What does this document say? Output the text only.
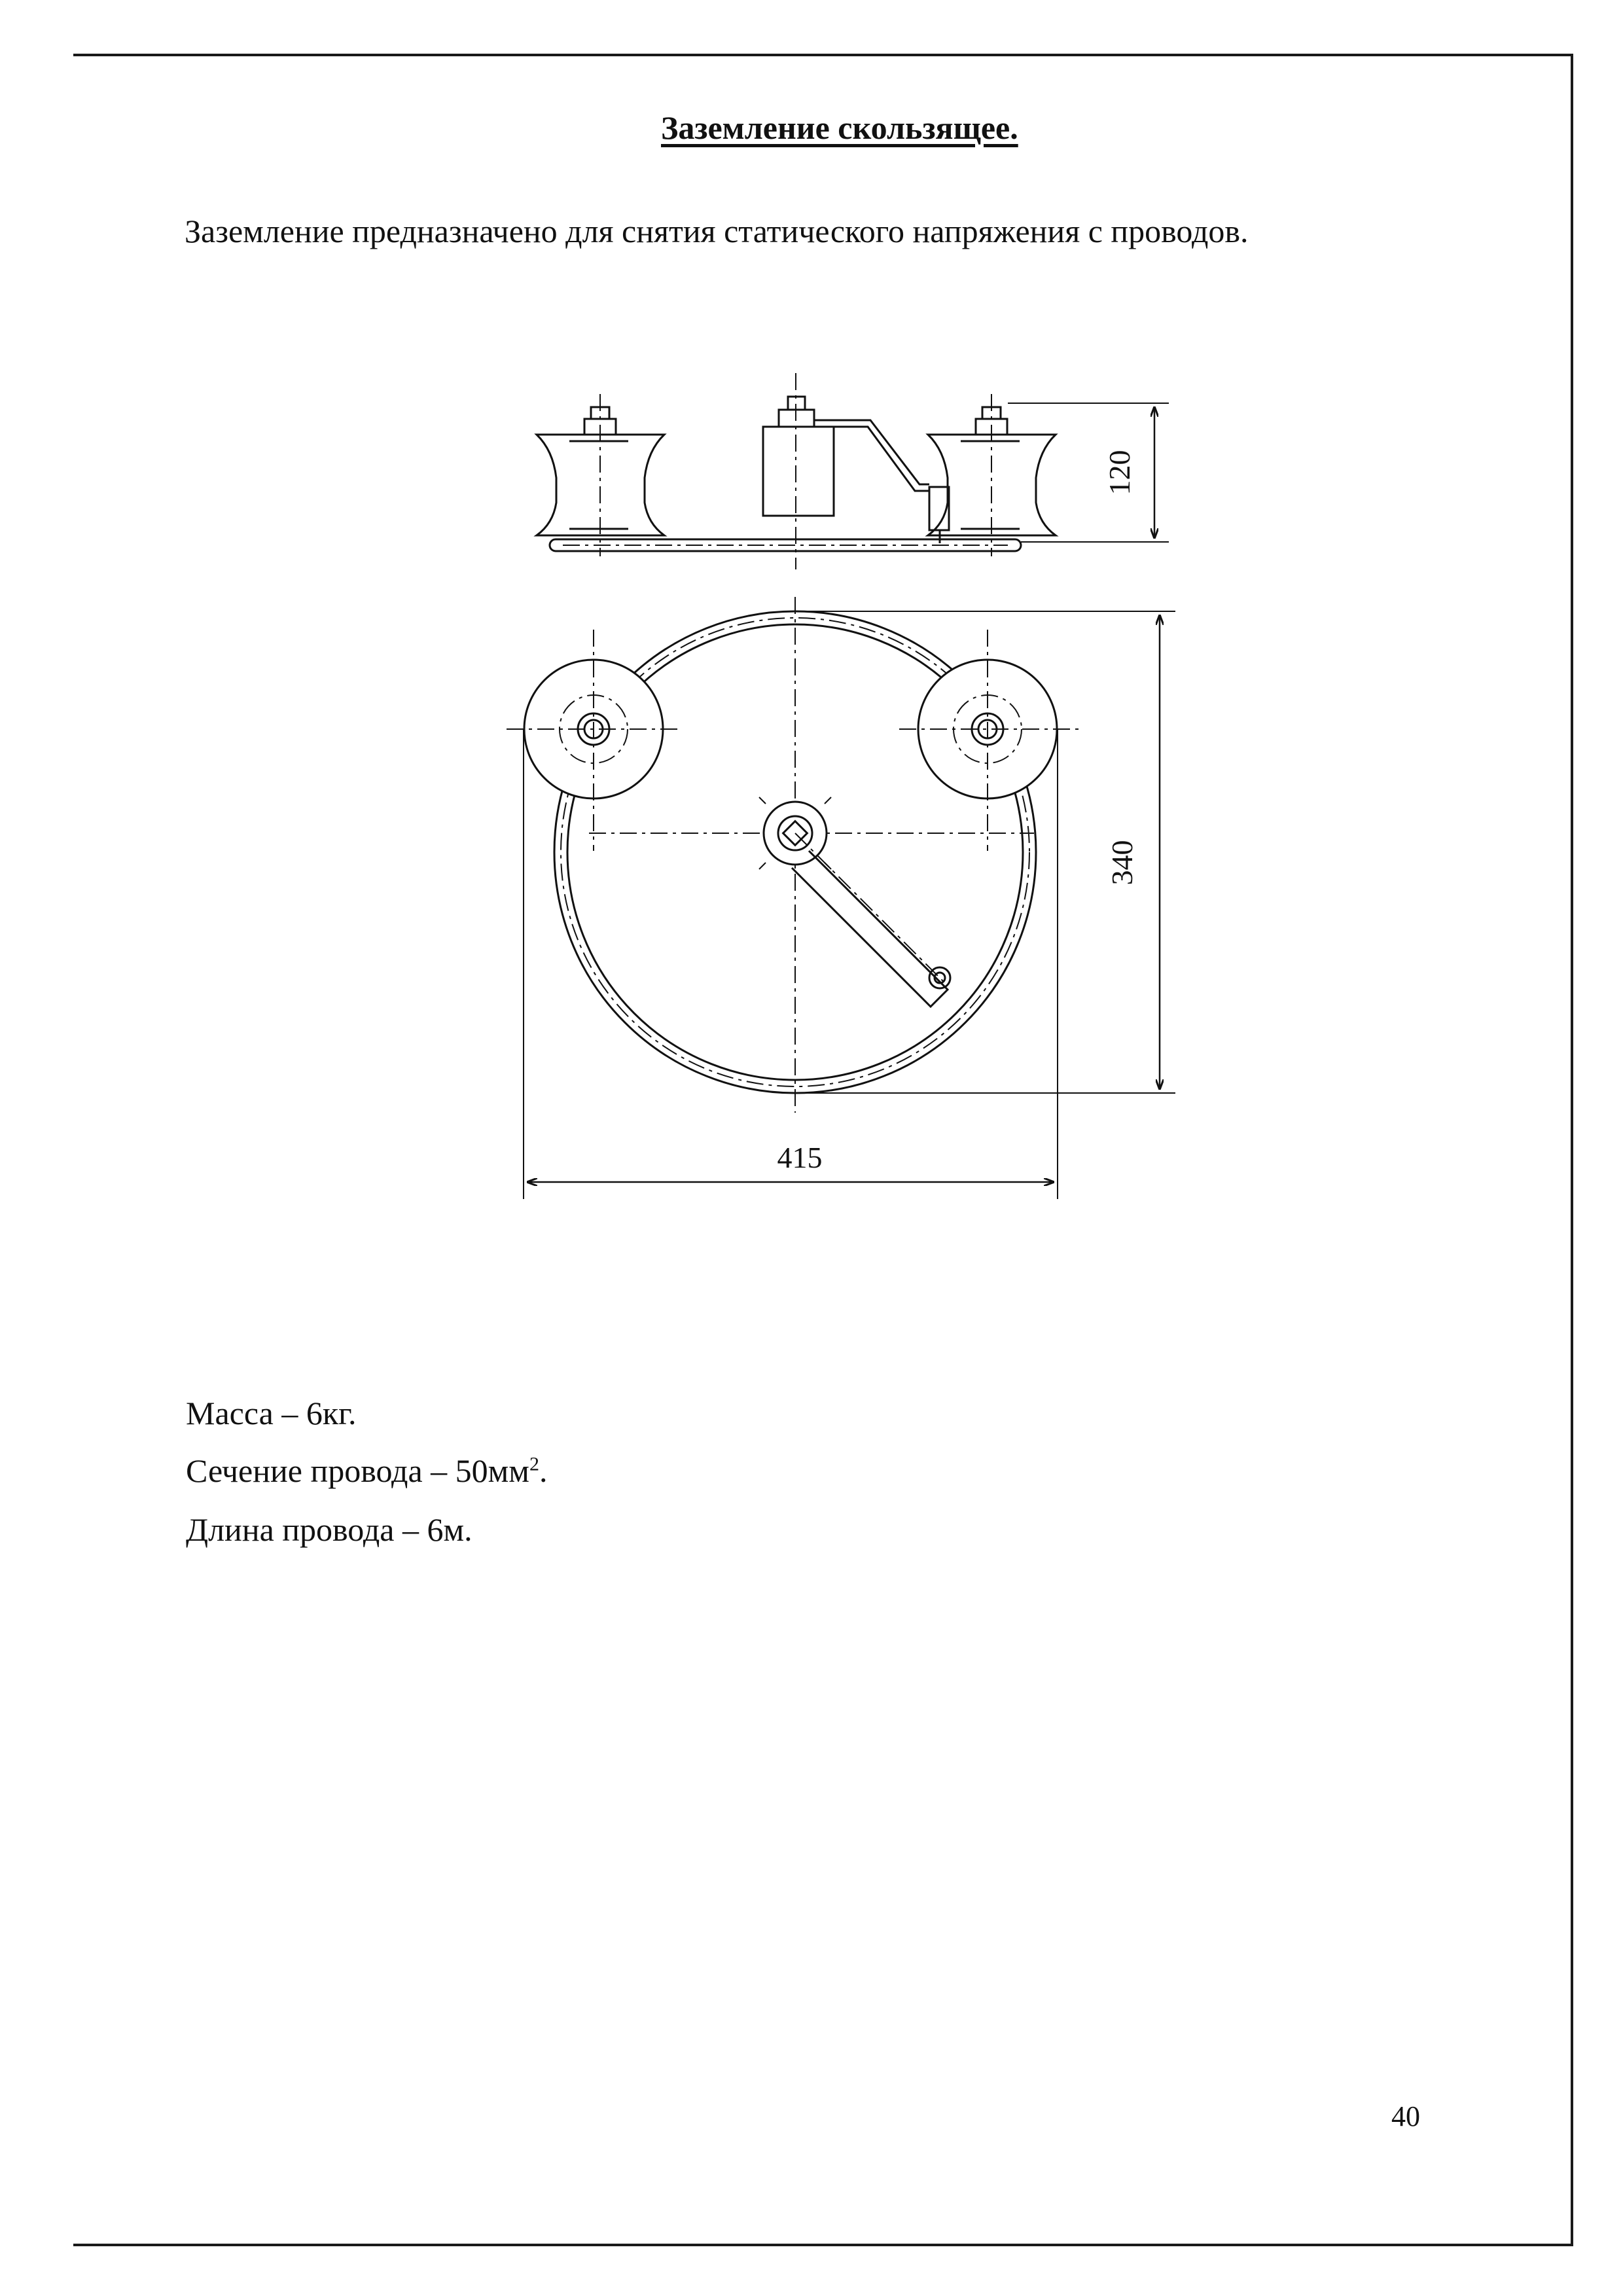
Заземление скользящее.
Заземление предназначено для снятия статического напряжения с проводов.
120
340
415
Масса – 6кг.
Сечение провода – $50мм^2$.
Длина провода – 6м.
40
